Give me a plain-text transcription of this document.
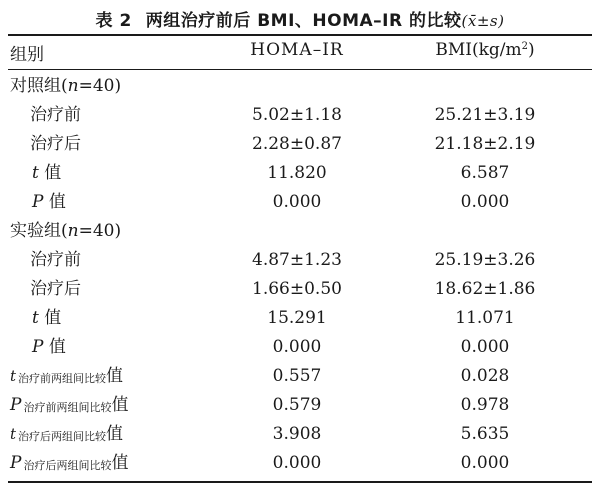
表 2 两组治疗前后 BMI、HOMA–IR 的比较(x̄±s)
组别	HOMA–IR	$BMI(kg/m^2)$
对照组(n=40)
治疗前	5.02±1.18	25.21±3.19
治疗后	2.28±0.87	21.18±2.19
t 值	11.820	6.587
P 值	0.000	0.000
实验组(n=40)
治疗前	4.87±1.23	25.19±3.26
治疗后	1.66±0.50	18.62±1.86
t 值	15.291	11.071
P 值	0.000	0.000
t 治疗前两组间比较值	0.557	0.028
P治疗前两组间比较值	0.579	0.978
t 治疗后两组间比较值	3.908	5.635
P治疗后两组间比较值	0.000	0.000
